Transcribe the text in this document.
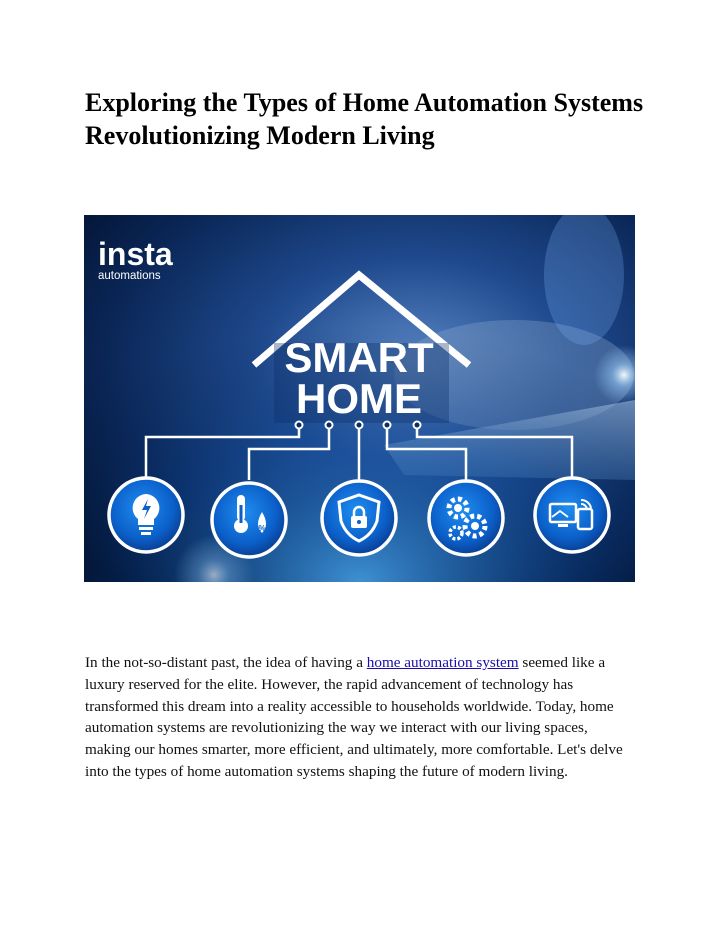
Exploring the Types of Home Automation Systems Revolutionizing Modern Living
insta
automations
SMART
HOME
%

In the not-so-distant past, the idea of having a home automation system seemed like a luxury reserved for the elite. However, the rapid advancement of technology has transformed this dream into a reality accessible to households worldwide. Today, home automation systems are revolutionizing the way we interact with our living spaces, making our homes smarter, more efficient, and ultimately, more comfortable. Let's delve into the types of home automation systems shaping the future of modern living.
